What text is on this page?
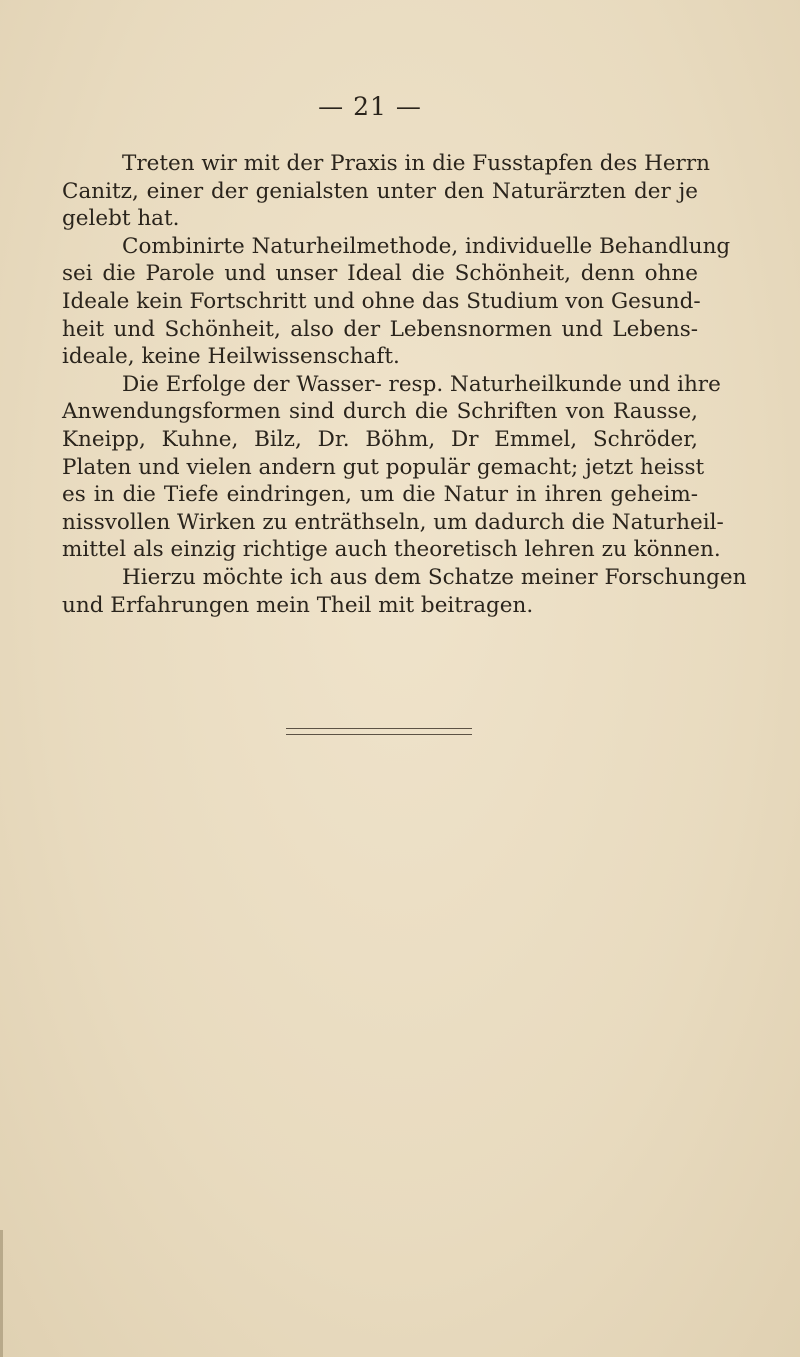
— 21 —

Treten wir mit der Praxis in die Fusstapfen des Herrn
Canitz, einer der genialsten unter den Naturärzten der je
gelebt hat.

Combinirte Naturheilmethode, individuelle Behandlung
sei die Parole und unser Ideal die Schönheit, denn ohne
Ideale kein Fortschritt und ohne das Studium von Gesund-
heit und Schönheit, also der Lebensnormen und Lebens-
ideale, keine Heilwissenschaft.

Die Erfolge der Wasser- resp. Naturheilkunde und ihre
Anwendungsformen sind durch die Schriften von Rausse,
Kneipp, Kuhne, Bilz, Dr. Böhm, Dr Emmel, Schröder,
Platen und vielen andern gut populär gemacht; jetzt heisst
es in die Tiefe eindringen, um die Natur in ihren geheim-
nissvollen Wirken zu enträthseln, um dadurch die Naturheil-
mittel als einzig richtige auch theoretisch lehren zu können.

Hierzu möchte ich aus dem Schatze meiner Forschungen
und Erfahrungen mein Theil mit beitragen.
